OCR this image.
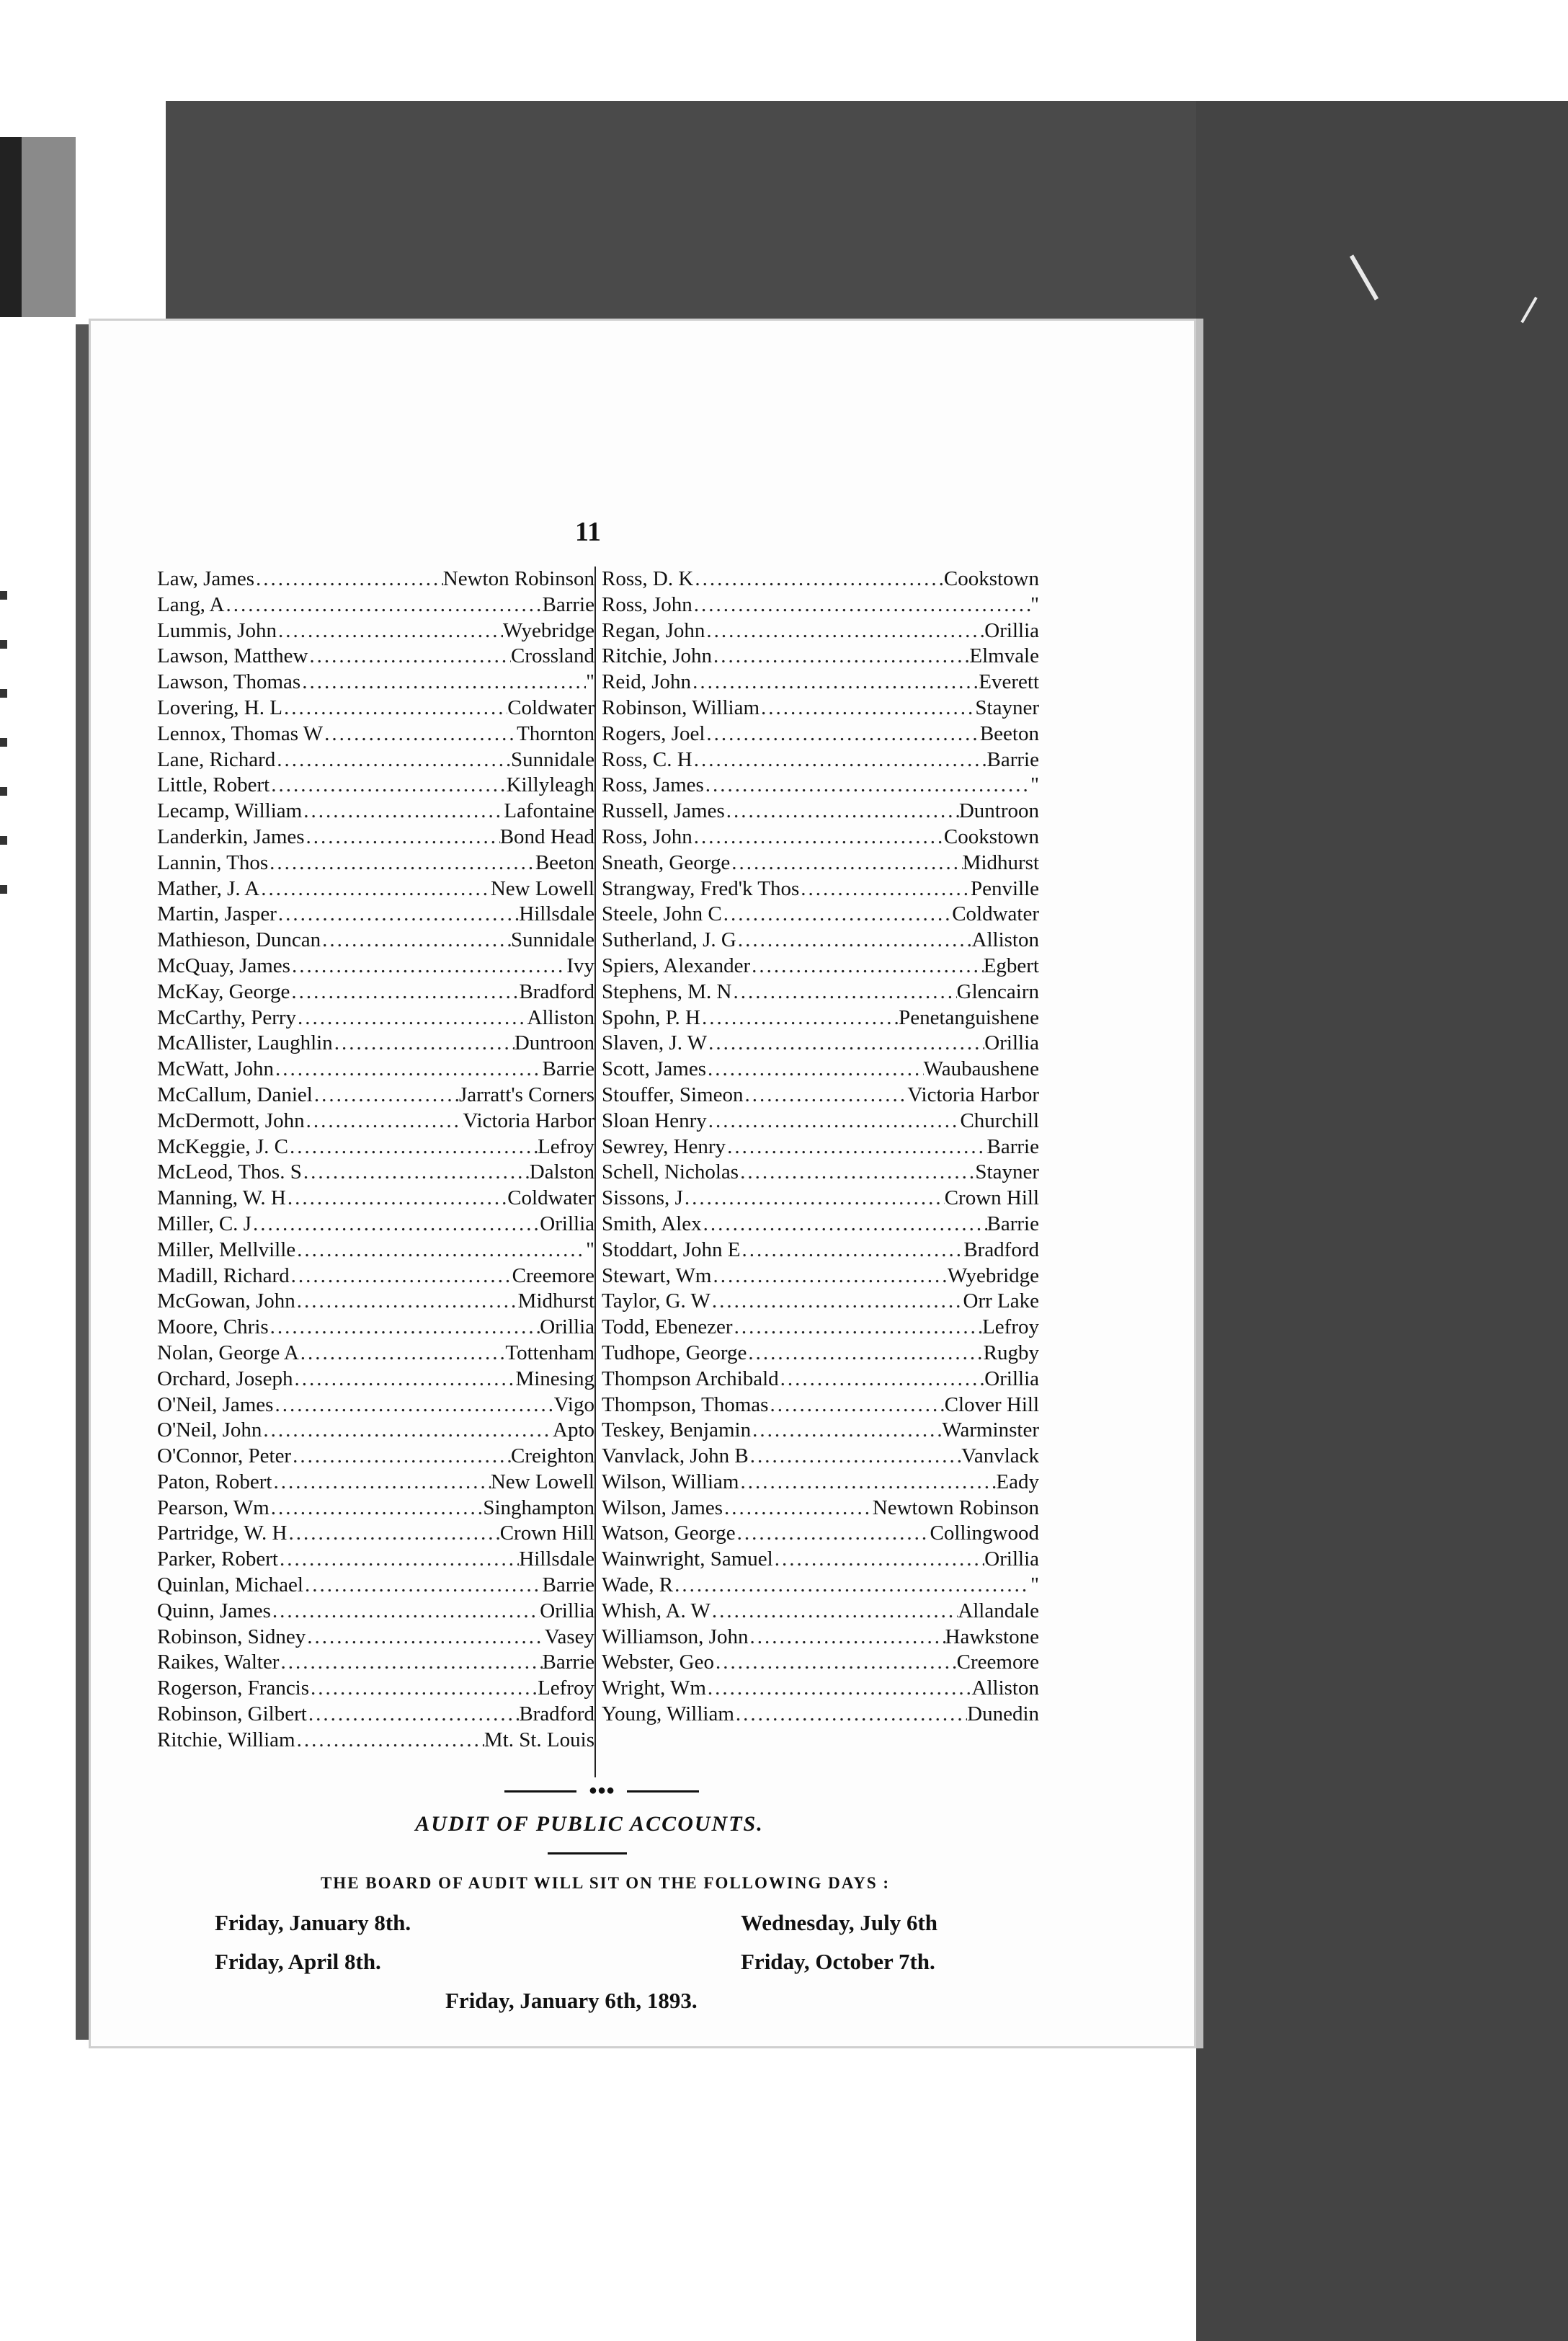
11
Law, James .....	Newton Robinson
Lang, A .....	Barrie
Lummis, John .....	Wyebridge
Lawson, Matthew .....	Crossland
Lawson, Thomas .....	"
Lovering, H. L .....	Coldwater
Lennox, Thomas W .....	Thornton
Lane, Richard .....	Sunnidale
Little, Robert .....	Killyleagh
Lecamp, William .....	Lafontaine
Landerkin, James .....	Bond Head
Lannin, Thos .....	Beeton
Mather, J. A .....	New Lowell
Martin, Jasper .....	Hillsdale
Mathieson, Duncan .....	Sunnidale
McQuay, James .....	Ivy
McKay, George .....	Bradford
McCarthy, Perry .....	Alliston
McAllister, Laughlin .....	Duntroon
McWatt, John .....	Barrie
McCallum, Daniel .....	Jarratt's Corners
McDermott, John .....	Victoria Harbor
McKeggie, J. C .....	Lefroy
McLeod, Thos. S .....	Dalston
Manning, W. H .....	Coldwater
Miller, C. J .....	Orillia
Miller, Mellville .....	"
Madill, Richard .....	Creemore
McGowan, John .....	Midhurst
Moore, Chris .....	Orillia
Nolan, George A .....	Tottenham
Orchard, Joseph .....	Minesing
O'Neil, James .....	Vigo
O'Neil, John .....	Apto
O'Connor, Peter .....	Creighton
Paton, Robert .....	New Lowell
Pearson, Wm .....	Singhampton
Partridge, W. H .....	Crown Hill
Parker, Robert .....	Hillsdale
Quinlan, Michael .....	Barrie
Quinn, James .....	Orillia
Robinson, Sidney .....	Vasey
Raikes, Walter .....	Barrie
Rogerson, Francis .....	Lefroy
Robinson, Gilbert .....	Bradford
Ritchie, William .....	Mt. St. Louis
Ross, D. K .....	Cookstown
Ross, John .....	"
Regan, John .....	Orillia
Ritchie, John .....	Elmvale
Reid, John .....	Everett
Robinson, William .....	Stayner
Rogers, Joel .....	Beeton
Ross, C. H .....	Barrie
Ross, James .....	"
Russell, James .....	Duntroon
Ross, John .....	Cookstown
Sneath, George .....	Midhurst
Strangway, Fred'k Thos .....	Penville
Steele, John C .....	Coldwater
Sutherland, J. G .....	Alliston
Spiers, Alexander .....	Egbert
Stephens, M. N .....	Glencairn
Spohn, P. H .....	Penetanguishene
Slaven, J. W .....	Orillia
Scott, James .....	Waubaushene
Stouffer, Simeon .....	Victoria Harbor
Sloan Henry .....	Churchill
Sewrey, Henry .....	Barrie
Schell, Nicholas .....	Stayner
Sissons, J .....	Crown Hill
Smith, Alex .....	Barrie
Stoddart, John E .....	Bradford
Stewart, Wm .....	Wyebridge
Taylor, G. W .....	Orr Lake
Todd, Ebenezer .....	Lefroy
Tudhope, George .....	Rugby
Thompson Archibald .....	Orillia
Thompson, Thomas .....	Clover Hill
Teskey, Benjamin .....	Warminster
Vanvlack, John B .....	Vanvlack
Wilson, William .....	Eady
Wilson, James .....	Newtown Robinson
Watson, George .....	Collingwood
Wainwright, Samuel .....	Orillia
Wade, R .....	"
Whish, A. W .....	Allandale
Williamson, John .....	Hawkstone
Webster, Geo .....	Creemore
Wright, Wm .....	Alliston
Young, William .....	Dunedin
●●●
AUDIT OF PUBLIC ACCOUNTS.
THE BOARD OF AUDIT WILL SIT ON THE FOLLOWING DAYS :
Friday, January 8th.	Wednesday, July 6th
Friday, April 8th.	Friday, October 7th.
Friday, January 6th, 1893.
